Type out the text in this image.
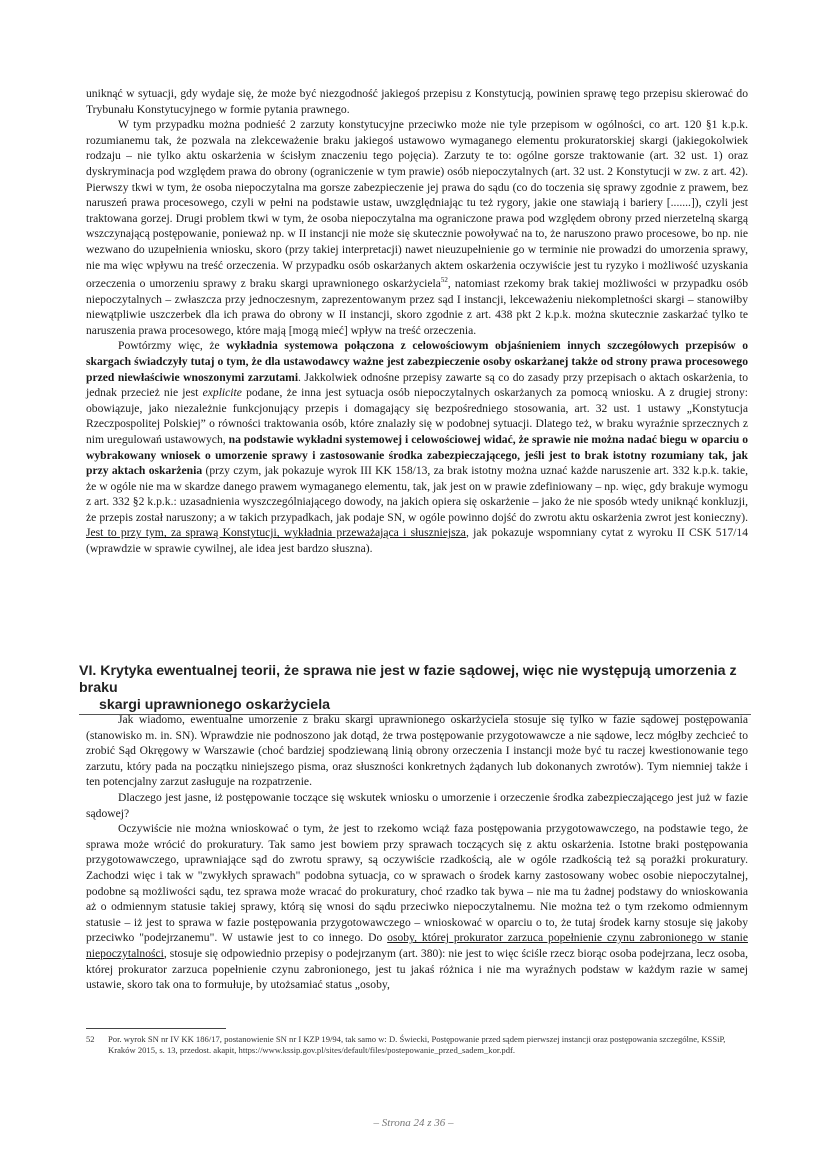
uniknąć w sytuacji, gdy wydaje się, że może być niezgodność jakiegoś przepisu z Konstytucją, powinien sprawę tego przepisu skierować do Trybunału Konstytucyjnego w formie pytania prawnego.

W tym przypadku można podnieść 2 zarzuty konstytucyjne przeciwko może nie tyle przepisom w ogólności, co art. 120 §1 k.p.k. rozumianemu tak, że pozwala na zlekceważenie braku jakiegoś ustawowo wymaganego elementu prokuratorskiej skargi (jakiegokolwiek rodzaju – nie tylko aktu oskarżenia w ścisłym znaczeniu tego pojęcia). Zarzuty te to: ogólne gorsze traktowanie (art. 32 ust. 1) oraz dyskryminacja pod względem prawa do obrony (ograniczenie w tym prawie) osób niepoczytalnych (art. 32 ust. 2 Konstytucji w zw. z art. 42). Pierwszy tkwi w tym, że osoba niepoczytalna ma gorsze zabezpieczenie jej prawa do sądu (co do toczenia się sprawy zgodnie z prawem, bez naruszeń prawa procesowego, czyli w pełni na podstawie ustaw, uwzględniając tu też rygory, jakie one stawiają i bariery [.......]), czyli jest traktowana gorzej. Drugi problem tkwi w tym, że osoba niepoczytalna ma ograniczone prawa pod względem obrony przed nierzetelną skargą wszczynającą postępowanie, ponieważ np. w II instancji nie może się skutecznie powoływać na to, że naruszono prawo procesowe, bo np. nie wezwano do uzupełnienia wniosku, skoro (przy takiej interpretacji) nawet nieuzupełnienie go w terminie nie prowadzi do umorzenia sprawy, nie ma więc wpływu na treść orzeczenia. W przypadku osób oskarżanych aktem oskarżenia oczywiście jest tu ryzyko i możliwość uzyskania orzeczenia o umorzeniu sprawy z braku skargi uprawnionego oskarżyciela$^{52}$, natomiast rzekomy brak takiej możliwości w przypadku osób niepoczytalnych – zwłaszcza przy jednoczesnym, zaprezentowanym przez sąd I instancji, lekceważeniu niekompletności skargi – stanowiłby niewątpliwie uszczerbek dla ich prawa do obrony w II instancji, skoro zgodnie z art. 438 pkt 2 k.p.k. można skutecznie zaskarżać tylko te naruszenia prawa procesowego, które mają [mogą mieć] wpływ na treść orzeczenia.

Powtórzmy więc, że wykładnia systemowa połączona z celowościowym objaśnieniem innych szczegółowych przepisów o skargach świadczyły tutaj o tym, że dla ustawodawcy ważne jest zabezpieczenie osoby oskarżanej także od strony prawa procesowego przed niewłaściwie wnoszonymi zarzutami. Jakkolwiek odnośne przepisy zawarte są co do zasady przy przepisach o aktach oskarżenia, to jednak przecież nie jest explicite podane, że inna jest sytuacja osób niepoczytalnych oskarżanych za pomocą wniosku. A z drugiej strony: obowiązuje, jako niezależnie funkcjonujący przepis i domagający się bezpośredniego stosowania, art. 32 ust. 1 ustawy „Konstytucja Rzeczpospolitej Polskiej” o równości traktowania osób, które znalazły się w podobnej sytuacji. Dlatego też, w braku wyraźnie sprzecznych z nim uregulowań ustawowych, na podstawie wykładni systemowej i celowościowej widać, że sprawie nie można nadać biegu w oparciu o wybrakowany wniosek o umorzenie sprawy i zastosowanie środka zabezpieczającego, jeśli jest to brak istotny rozumiany tak, jak przy aktach oskarżenia (przy czym, jak pokazuje wyrok III KK 158/13, za brak istotny można uznać każde naruszenie art. 332 k.p.k. takie, że w ogóle nie ma w skardze danego prawem wymaganego elementu, tak, jak jest on w prawie zdefiniowany – np. więc, gdy brakuje wymogu z art. 332 §2 k.p.k.: uzasadnienia wyszczególniającego dowody, na jakich opiera się oskarżenie – jako że nie sposób wtedy uniknąć konkluzji, że przepis został naruszony; a w takich przypadkach, jak podaje SN, w ogóle powinno dojść do zwrotu aktu oskarżenia zwrot jest konieczny). Jest to przy tym, za sprawą Konstytucji, wykładnia przeważająca i słuszniejsza, jak pokazuje wspomniany cytat z wyroku II CSK 517/14 (wprawdzie w sprawie cywilnej, ale idea jest bardzo słuszna).

VI. Krytyka ewentualnej teorii, że sprawa nie jest w fazie sądowej, więc nie występują umorzenia z braku
skargi uprawnionego oskarżyciela

Jak wiadomo, ewentualne umorzenie z braku skargi uprawnionego oskarżyciela stosuje się tylko w fazie sądowej postępowania (stanowisko m. in. SN). Wprawdzie nie podnoszono jak dotąd, że trwa postępowanie przygotowawcze a nie sądowe, lecz mógłby zechcieć to zrobić Sąd Okręgowy w Warszawie (choć bardziej spodziewaną linią obrony orzeczenia I instancji może być tu raczej kwestionowanie tego zarzutu, który pada na początku niniejszego pisma, oraz słuszności konkretnych żądanych lub dokonanych zwrotów). Tym niemniej także i ten potencjalny zarzut zasługuje na rozpatrzenie.

Dlaczego jest jasne, iż postępowanie toczące się wskutek wniosku o umorzenie i orzeczenie środka zabezpieczającego jest już w fazie sądowej?

Oczywiście nie można wnioskować o tym, że jest to rzekomo wciąż faza postępowania przygotowawczego, na podstawie tego, że sprawa może wrócić do prokuratury. Tak samo jest bowiem przy sprawach toczących się z aktu oskarżenia. Istotne braki postępowania przygotowawczego, uprawniające sąd do zwrotu sprawy, są oczywiście rzadkością, ale w ogóle rzadkością też są porażki prokuratury. Zachodzi więc i tak w "zwykłych sprawach" podobna sytuacja, co w sprawach o środek karny zastosowany wobec osobie niepoczytalnej, podobne są możliwości sądu, tez sprawa może wracać do prokuratury, choć rzadko tak bywa – nie ma tu żadnej podstawy do wnioskowania aż o odmiennym statusie takiej sprawy, którą się wnosi do sądu przeciwko niepoczytalnemu. Nie można też o tym rzekomo odmiennym statusie – iż jest to sprawa w fazie postępowania przygotowawczego – wnioskować w oparciu o to, że tutaj środek karny stosuje się jakoby przeciwko "podejrzanemu". W ustawie jest to co innego. Do osoby, której prokurator zarzuca popełnienie czynu zabronionego w stanie niepoczytalności, stosuje się odpowiednio przepisy o podejrzanym (art. 380): nie jest to więc ściśle rzecz biorąc osoba podejrzana, lecz osoba, której prokurator zarzuca popełnienie czynu zabronionego, jest tu jakaś różnica i nie ma wyraźnych podstaw w każdym razie w samej ustawie, skoro tak ona to formułuje, by utożsamiać status „osoby,

52 Por. wyrok SN nr IV KK 186/17, postanowienie SN nr I KZP 19/94, tak samo w: D. Świecki, Postępowanie przed sądem pierwszej instancji oraz postępowania szczególne, KSSiP, Kraków 2015, s. 13, przedost. akapit, https://www.kssip.gov.pl/sites/default/files/postepowanie_przed_sadem_kor.pdf.
– Strona 24 z 36 –
